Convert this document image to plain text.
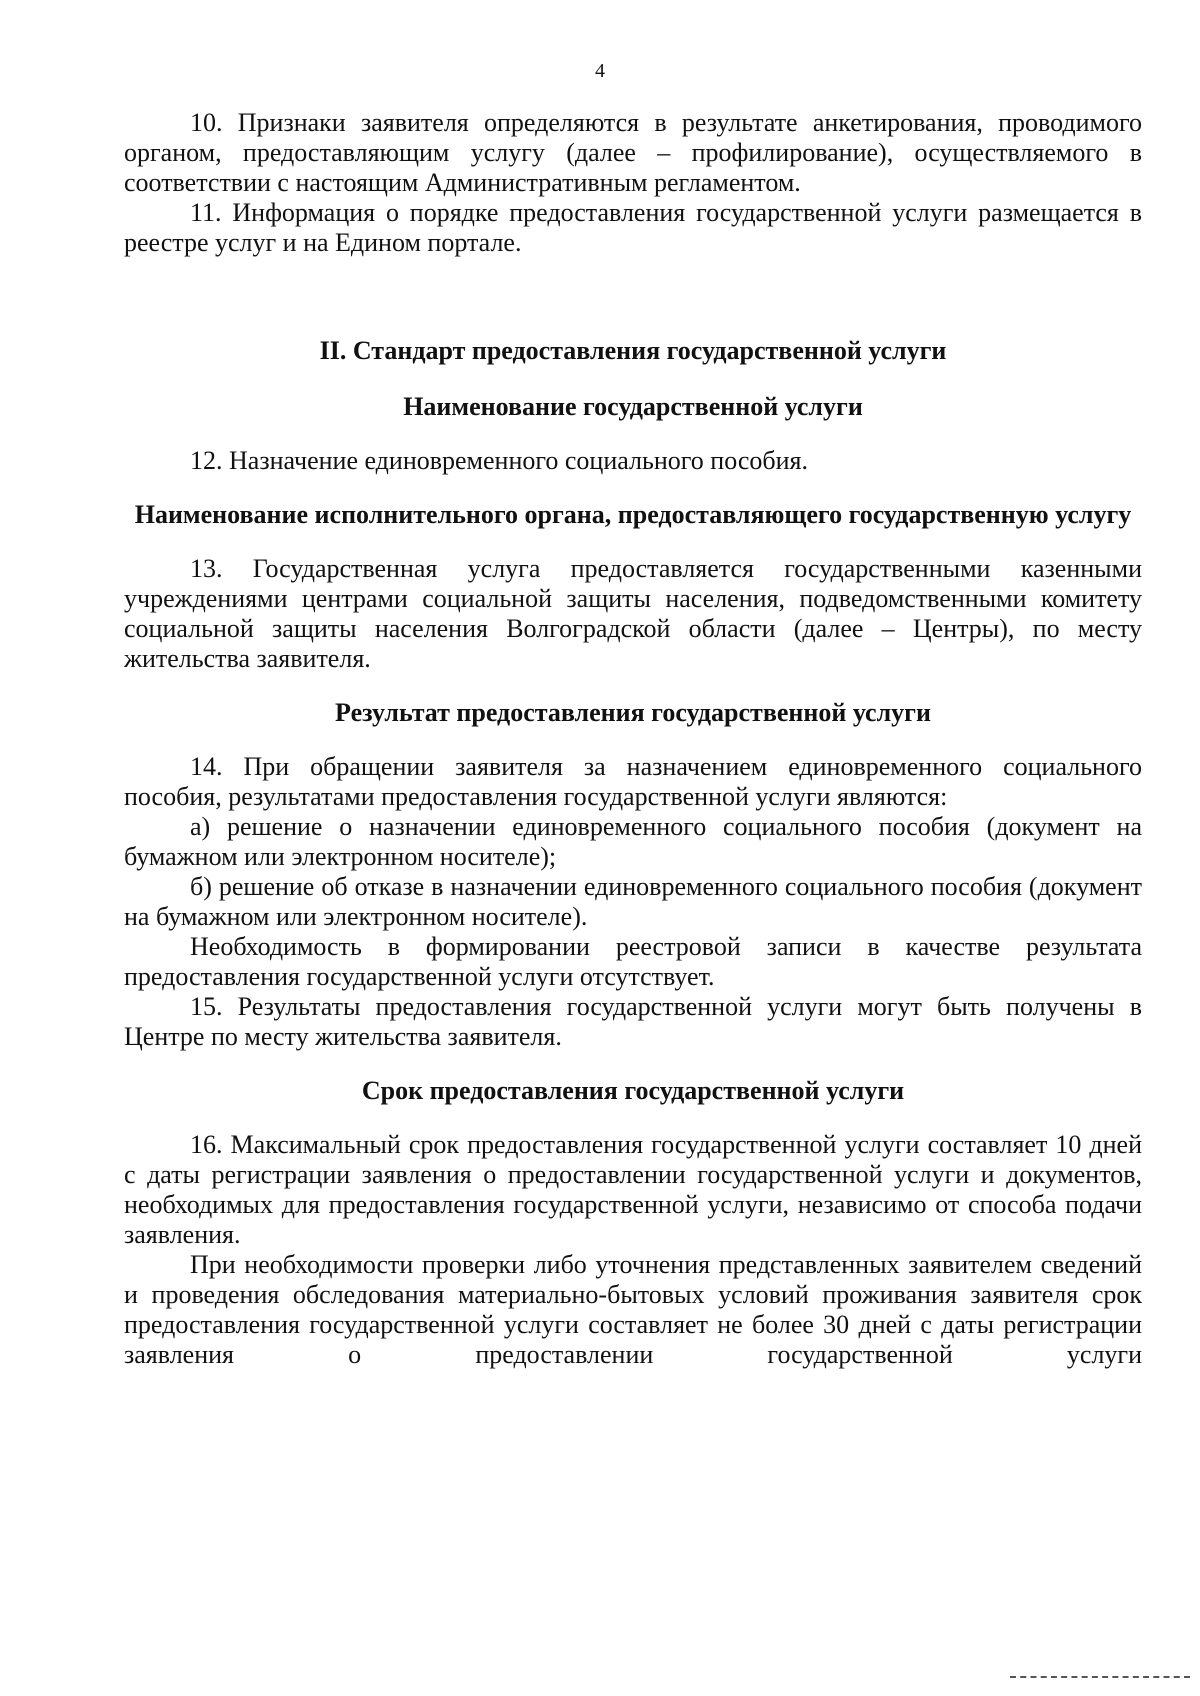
4

10. Признаки заявителя определяются в результате анкетирования, проводимого органом, предоставляющим услугу (далее – профилирование), осуществляемого в соответствии с настоящим Административным регламентом.

11. Информация о порядке предоставления государственной услуги размещается в реестре услуг и на Едином портале.

II. Стандарт предоставления государственной услуги

Наименование государственной услуги

12. Назначение единовременного социального пособия.

Наименование исполнительного органа, предоставляющего государственную услугу

13. Государственная услуга предоставляется государственными казенными учреждениями центрами социальной защиты населения, подведомственными комитету социальной защиты населения Волгоградской области (далее – Центры), по месту жительства заявителя.

Результат предоставления государственной услуги

14. При обращении заявителя за назначением единовременного социального пособия, результатами предоставления государственной услуги являются:

а) решение о назначении единовременного социального пособия (документ на бумажном или электронном носителе);

б) решение об отказе в назначении единовременного социального пособия (документ на бумажном или электронном носителе).

Необходимость в формировании реестровой записи в качестве результата предоставления государственной услуги отсутствует.

15. Результаты предоставления государственной услуги могут быть получены в Центре по месту жительства заявителя.

Срок предоставления государственной услуги

16. Максимальный срок предоставления государственной услуги составляет 10 дней с даты регистрации заявления о предоставлении государственной услуги и документов, необходимых для предоставления государственной услуги, независимо от способа подачи заявления.

При необходимости проверки либо уточнения представленных заявителем сведений и проведения обследования материально-бытовых условий проживания заявителя срок предоставления государственной услуги составляет не более 30 дней с даты регистрации заявления о предоставлении государственной услуги
